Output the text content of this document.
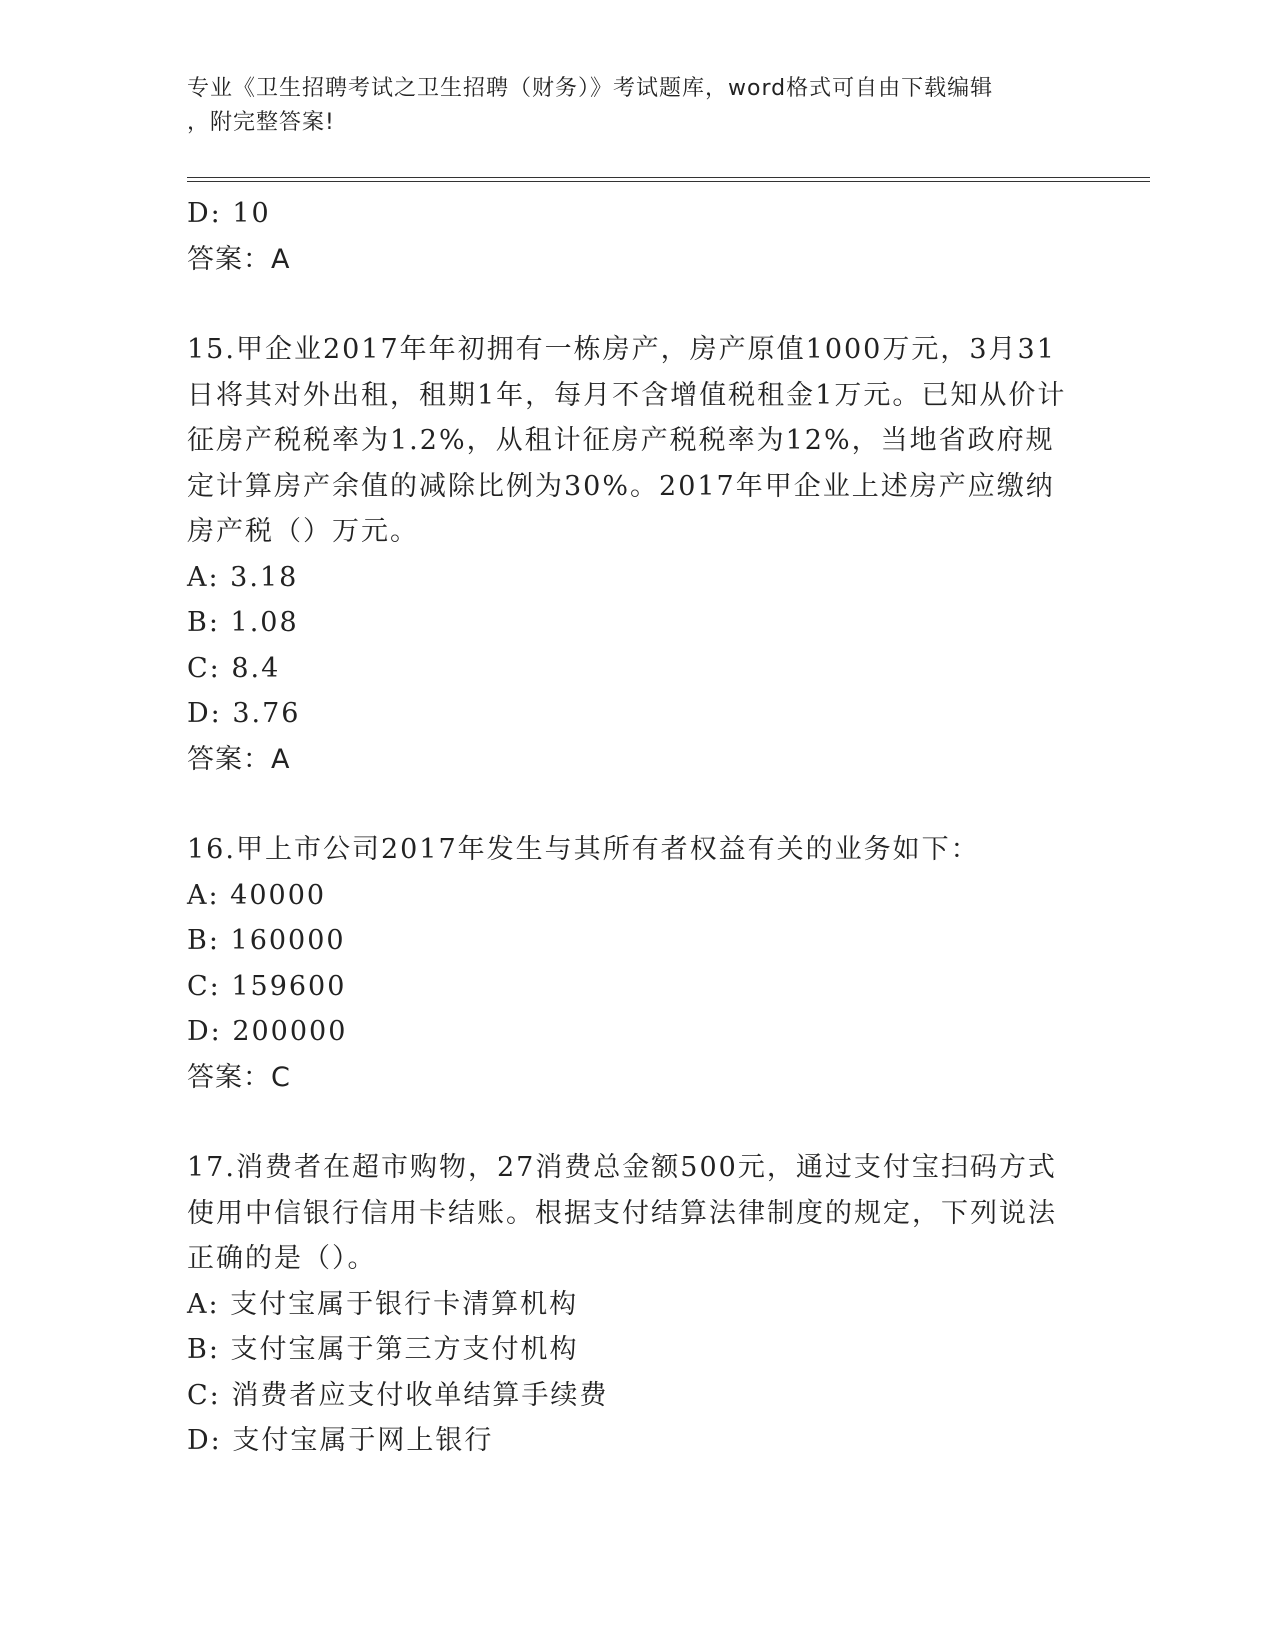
专业《卫生招聘考试之卫生招聘（财务）》考试题库，word格式可自由下载编辑
，附完整答案!
D: 10
答案：A
15.甲企业2017年年初拥有一栋房产，房产原值1000万元，3月31日将其对外出租，租期1年，每月不含增值税租金1万元。已知从价计征房产税税率为1.2%，从租计征房产税税率为12%，当地省政府规定计算房产余值的减除比例为30%。2017年甲企业上述房产应缴纳房产税（）万元。
A: 3.18
B: 1.08
C: 8.4
D: 3.76
答案：A
16.甲上市公司2017年发生与其所有者权益有关的业务如下：
A: 40000
B: 160000
C: 159600
D: 200000
答案：C
17.消费者在超市购物，27消费总金额500元，通过支付宝扫码方式使用中信银行信用卡结账。根据支付结算法律制度的规定，下列说法正确的是（）。
A: 支付宝属于银行卡清算机构
B: 支付宝属于第三方支付机构
C: 消费者应支付收单结算手续费
D: 支付宝属于网上银行
